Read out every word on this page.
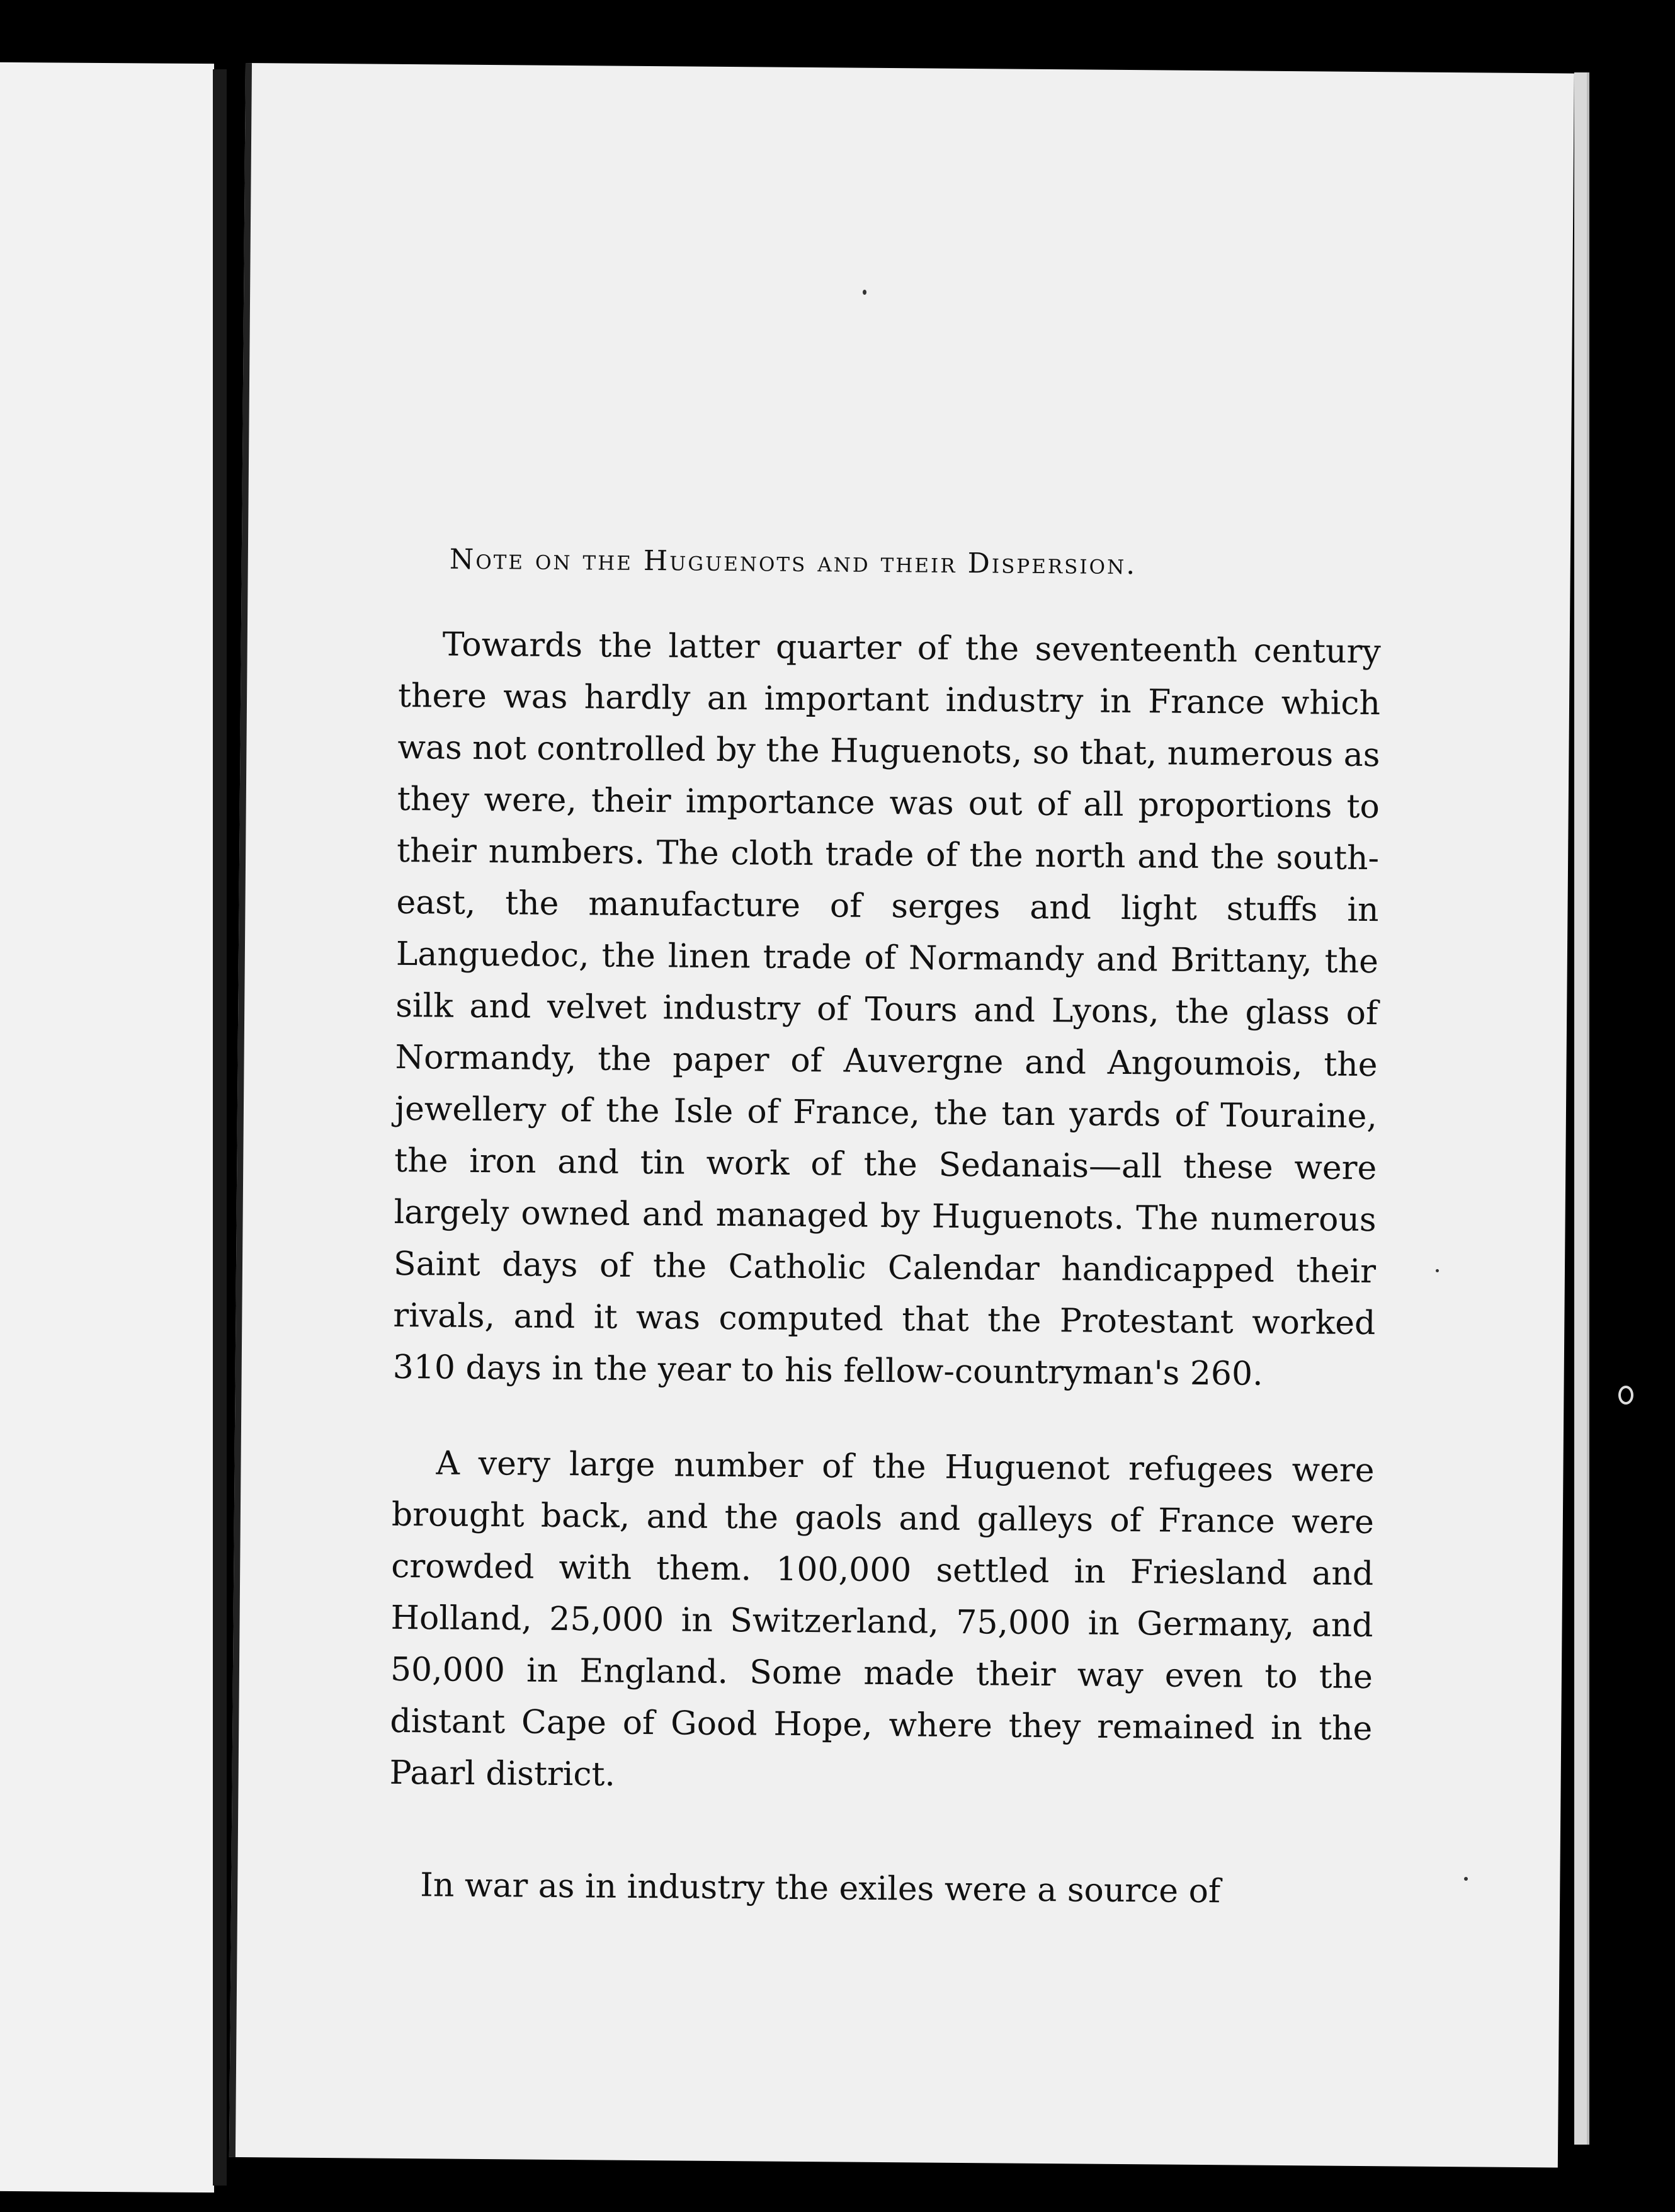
Note on the Huguenots and their Dispersion.
Towards the latter quarter of the seventeenth century there was hardly an important industry in France which was not controlled by the Huguenots, so that, numerous as they were, their importance was out of all proportions to their numbers. The cloth trade of the north and the south-east, the manufacture of serges and light stuffs in Languedoc, the linen trade of Normandy and Brittany, the silk and velvet industry of Tours and Lyons, the glass of Normandy, the paper of Auvergne and Angoumois, the jewellery of the Isle of France, the tan yards of Touraine, the iron and tin work of the Sedanais—all these were largely owned and managed by Huguenots. The numerous Saint days of the Catholic Calendar handicapped their rivals, and it was computed that the Protestant worked 310 days in the year to his fellow-countryman's 260.
A very large number of the Huguenot refugees were brought back, and the gaols and galleys of France were crowded with them. 100,000 settled in Friesland and Holland, 25,000 in Switzerland, 75,000 in Germany, and 50,000 in England. Some made their way even to the distant Cape of Good Hope, where they remained in the Paarl district.
In war as in industry the exiles were a source of
